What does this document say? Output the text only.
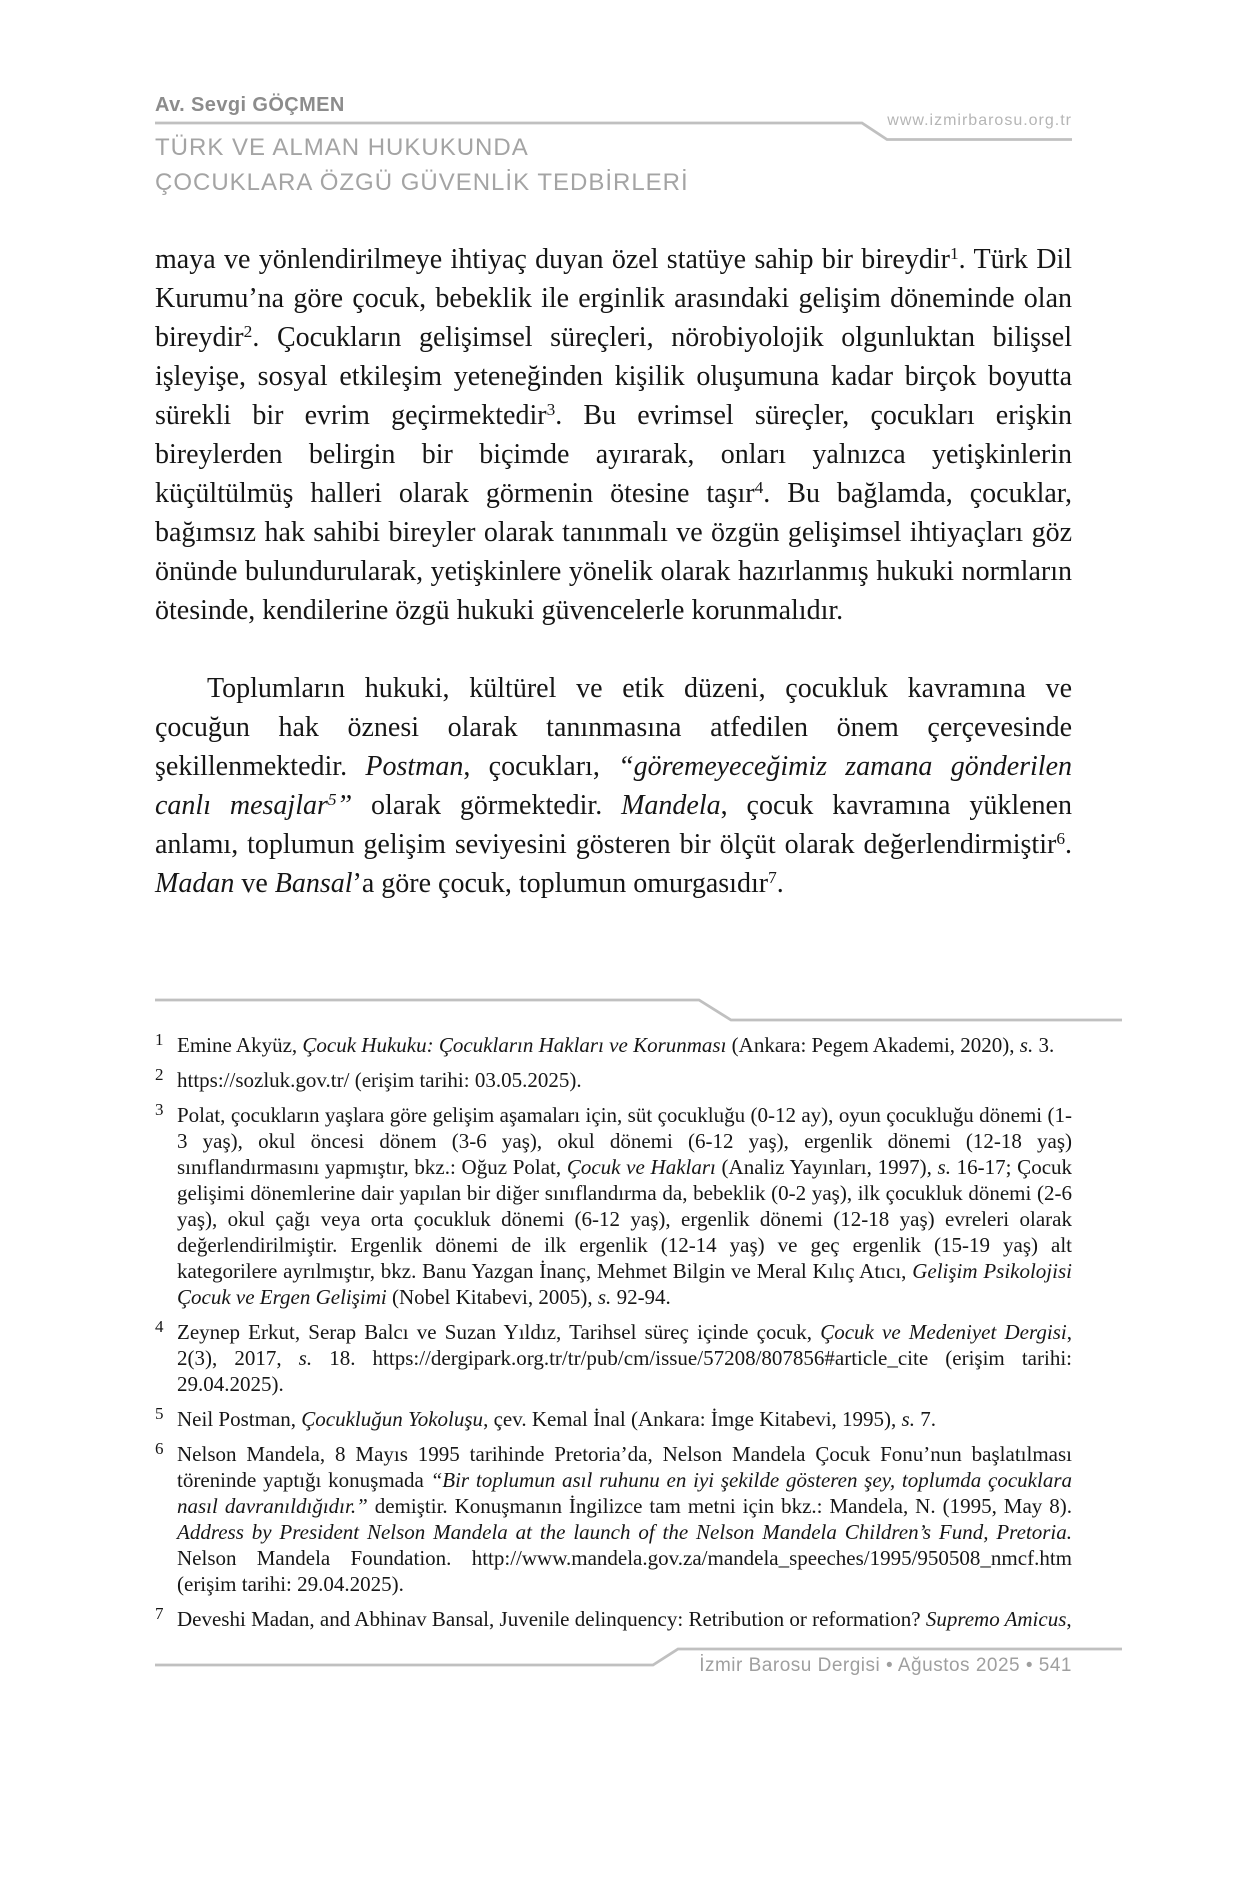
Av. Sevgi GÖÇMEN
TÜRK VE ALMAN HUKUKUNDA
ÇOCUKLARA ÖZGÜ GÜVENLİK TEDBİRLERİ
www.izmirbarosu.org.tr

maya ve yönlendirilmeye ihtiyaç duyan özel statüye sahip bir bireydir$^1$. Türk Dil Kurumu’na göre çocuk, bebeklik ile erginlik arasındaki gelişim döneminde olan bireydir$^2$. Çocukların gelişimsel süreçleri, nörobiyolojik olgunluktan bilişsel işleyişe, sosyal etkileşim yeteneğinden kişilik oluşumuna kadar birçok boyutta sürekli bir evrim geçirmektedir$^3$. Bu evrimsel süreçler, çocukları erişkin bireylerden belirgin bir biçimde ayırarak, onları yalnızca yetişkinlerin küçültülmüş halleri olarak görmenin ötesine taşır$^4$. Bu bağlamda, çocuklar, bağımsız hak sahibi bireyler olarak tanınmalı ve özgün gelişimsel ihtiyaçları göz önünde bulundurularak, yetişkinlere yönelik olarak hazırlanmış hukuki normların ötesinde, kendilerine özgü hukuki güvencelerle korunmalıdır.

Toplumların hukuki, kültürel ve etik düzeni, çocukluk kavramına ve çocuğun hak öznesi olarak tanınmasına atfedilen önem çerçevesinde şekillenmektedir. Postman, çocukları, “göremeyeceğimiz zamana gönderilen canlı mesajlar$^5$” olarak görmektedir. Mandela, çocuk kavramına yüklenen anlamı, toplumun gelişim seviyesini gösteren bir ölçüt olarak değerlendirmiştir$^6$. Madan ve Bansal’a göre çocuk, toplumun omurgasıdır$^7$.

1 Emine Akyüz, Çocuk Hukuku: Çocukların Hakları ve Korunması (Ankara: Pegem Akademi, 2020), s. 3.
2 https://sozluk.gov.tr/ (erişim tarihi: 03.05.2025).
3 Polat, çocukların yaşlara göre gelişim aşamaları için, süt çocukluğu (0-12 ay), oyun çocukluğu dönemi (1-3 yaş), okul öncesi dönem (3-6 yaş), okul dönemi (6-12 yaş), ergenlik dönemi (12-18 yaş) sınıflandırmasını yapmıştır, bkz.: Oğuz Polat, Çocuk ve Hakları (Analiz Yayınları, 1997), s. 16-17; Çocuk gelişimi dönemlerine dair yapılan bir diğer sınıflandırma da, bebeklik (0-2 yaş), ilk çocukluk dönemi (2-6 yaş), okul çağı veya orta çocukluk dönemi (6-12 yaş), ergenlik dönemi (12-18 yaş) evreleri olarak değerlendirilmiştir. Ergenlik dönemi de ilk ergenlik (12-14 yaş) ve geç ergenlik (15-19 yaş) alt kategorilere ayrılmıştır, bkz. Banu Yazgan İnanç, Mehmet Bilgin ve Meral Kılıç Atıcı, Gelişim Psikolojisi Çocuk ve Ergen Gelişimi (Nobel Kitabevi, 2005), s. 92-94.
4 Zeynep Erkut, Serap Balcı ve Suzan Yıldız, Tarihsel süreç içinde çocuk, Çocuk ve Medeniyet Dergisi, 2(3), 2017, s. 18. https://dergipark.org.tr/tr/pub/cm/issue/57208/807856#article_cite (erişim tarihi: 29.04.2025).
5 Neil Postman, Çocukluğun Yokoluşu, çev. Kemal İnal (Ankara: İmge Kitabevi, 1995), s. 7.
6 Nelson Mandela, 8 Mayıs 1995 tarihinde Pretoria’da, Nelson Mandela Çocuk Fonu’nun başlatılması töreninde yaptığı konuşmada “Bir toplumun asıl ruhunu en iyi şekilde gösteren şey, toplumda çocuklara nasıl davranıldığıdır.” demiştir. Konuşmanın İngilizce tam metni için bkz.: Mandela, N. (1995, May 8). Address by President Nelson Mandela at the launch of the Nelson Mandela Children’s Fund, Pretoria. Nelson Mandela Foundation. http://www.mandela.gov.za/mandela_speeches/1995/950508_nmcf.htm (erişim tarihi: 29.04.2025).
7 Deveshi Madan, and Abhinav Bansal, Juvenile delinquency: Retribution or reformation? Supremo Amicus,
İzmir Barosu Dergisi • Ağustos 2025 • 541
